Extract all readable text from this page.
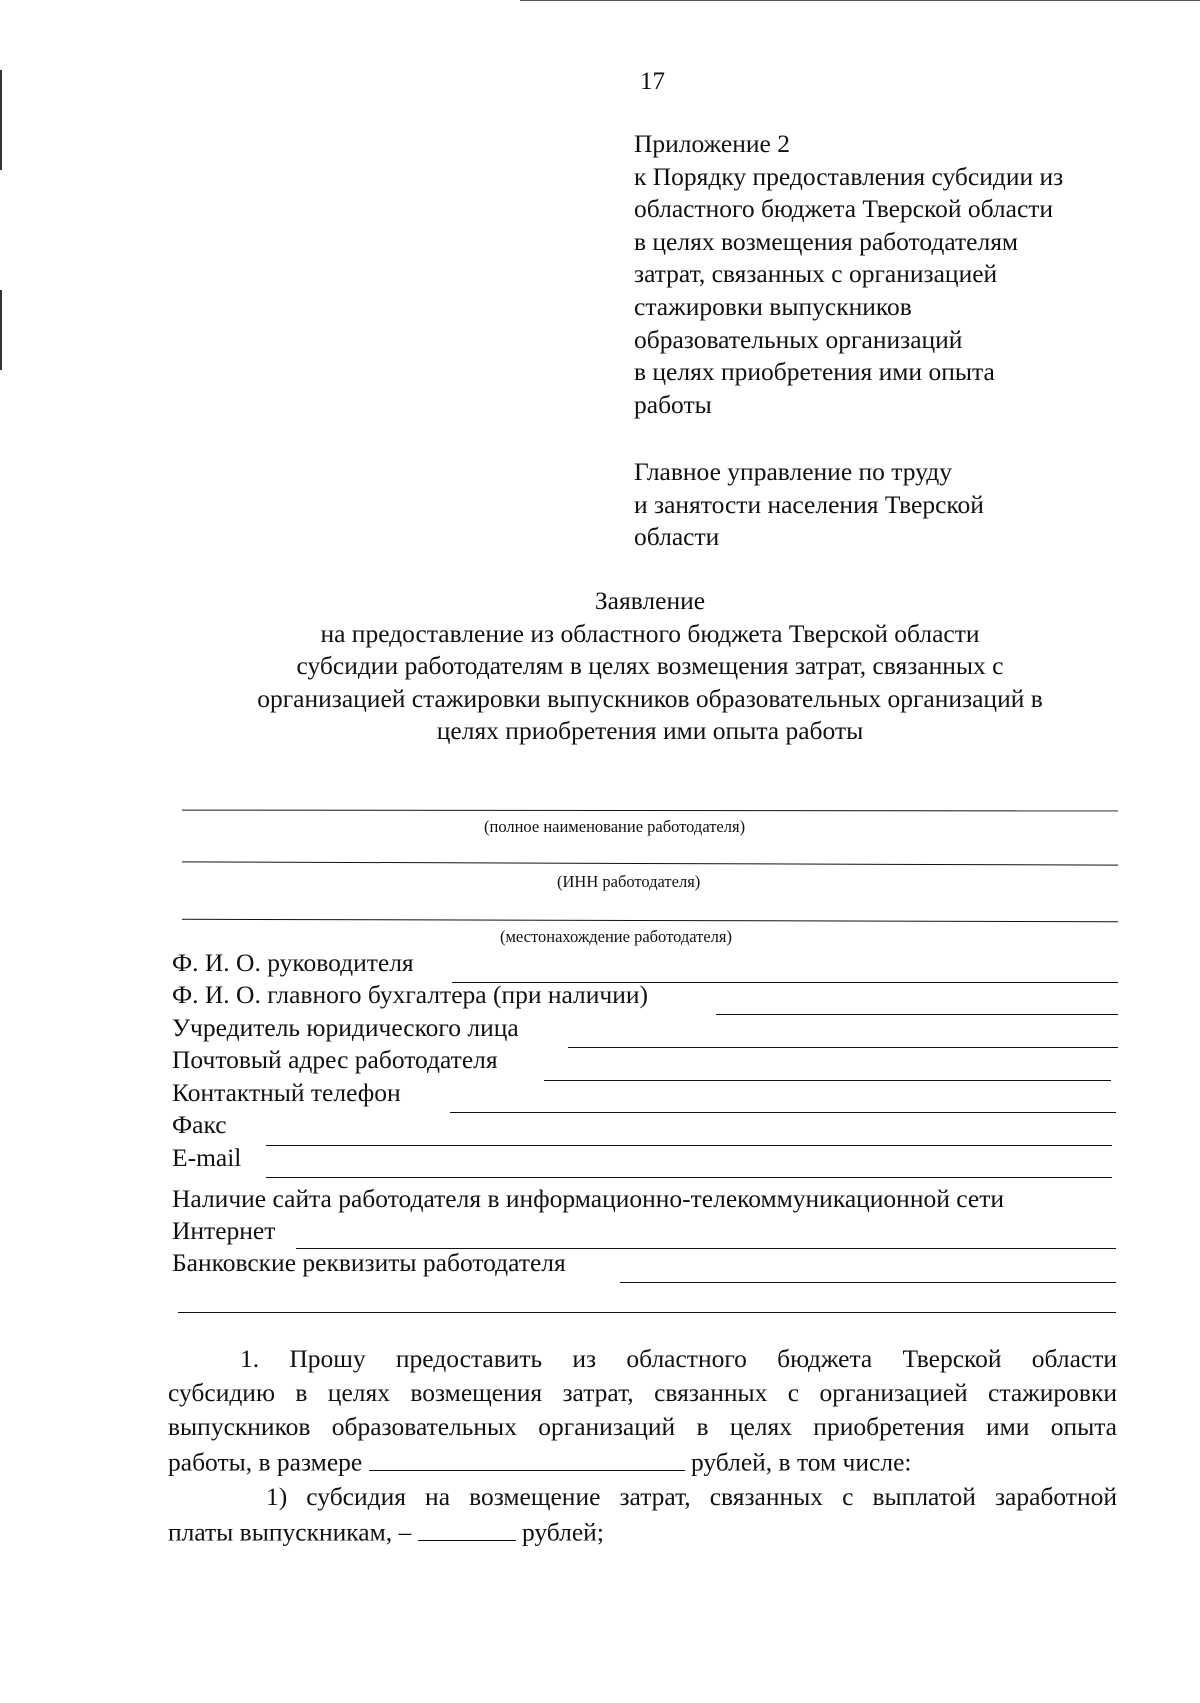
17
Приложение 2
к Порядку предоставления субсидии из
областного бюджета Тверской области
в целях возмещения работодателям
затрат, связанных с организацией
стажировки выпускников
образовательных организаций
в целях приобретения ими опыта
работы
Главное управление по труду
и занятости населения Тверской
области
Заявление
на предоставление из областного бюджета Тверской области
субсидии работодателям в целях возмещения затрат, связанных с
организацией стажировки выпускников образовательных организаций в
целях приобретения ими опыта работы
(полное наименование работодателя)
(ИНН работодателя)
(местонахождение работодателя)
Ф. И. О. руководителя
Ф. И. О. главного бухгалтера (при наличии)
Учредитель юридического лица
Почтовый адрес работодателя
Контактный телефон
Факс
E-mail
Наличие сайта работодателя в информационно-телекоммуникационной сети
Интернет
Банковские реквизиты работодателя
1. Прошу предоставить из областного бюджета Тверской области
субсидию в целях возмещения затрат, связанных с организацией стажировки
выпускников образовательных организаций в целях приобретения ими опыта
работы, в размере	рублей, в том числе:
1) субсидия на возмещение затрат, связанных с выплатой заработной
платы выпускникам, –	рублей;
